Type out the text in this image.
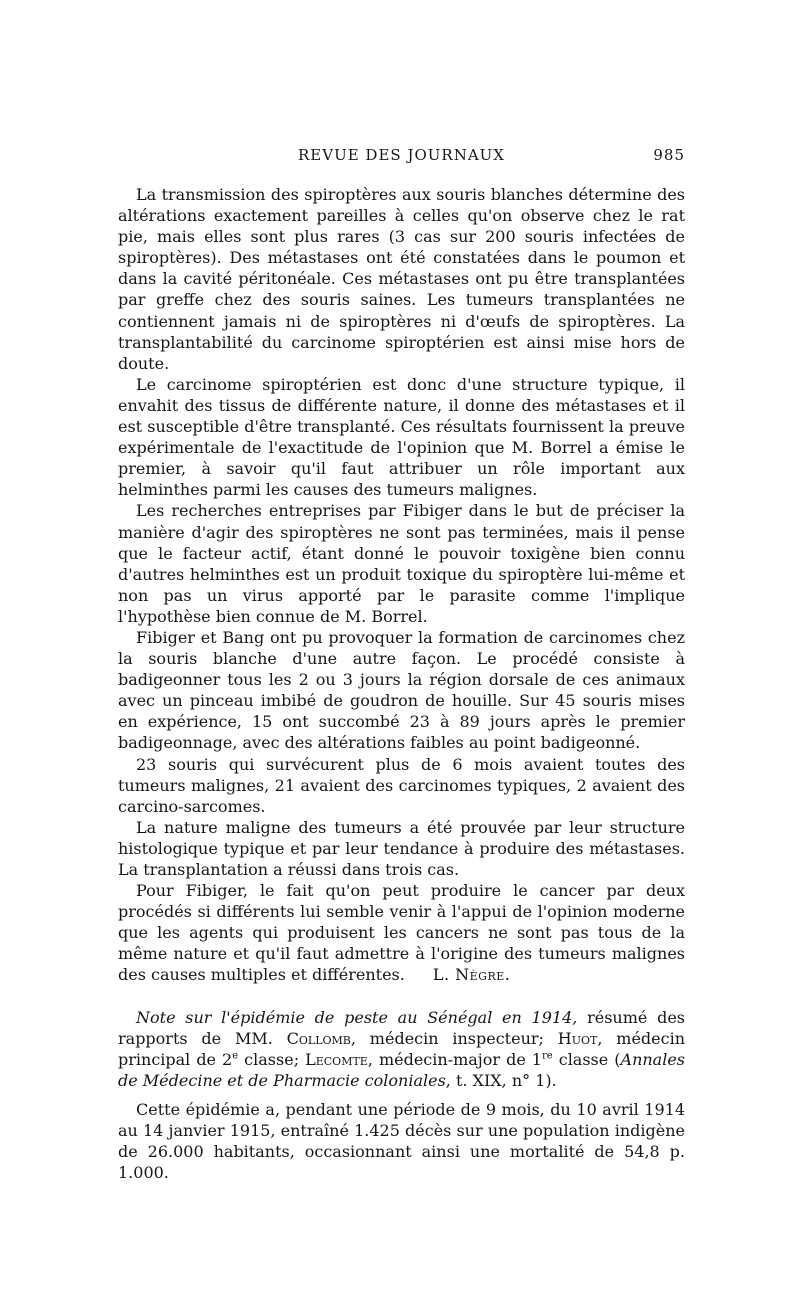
REVUE DES JOURNAUX	985

La transmission des spiroptères aux souris blanches détermine des altérations exactement pareilles à celles qu'on observe chez le rat pie, mais elles sont plus rares (3 cas sur 200 souris infectées de spiroptères). Des métastases ont été constatées dans le poumon et dans la cavité péritonéale. Ces métastases ont pu être transplantées par greffe chez des souris saines. Les tumeurs transplantées ne contiennent jamais ni de spiroptères ni d'œufs de spiroptères. La transplantabilité du carcinome spiroptérien est ainsi mise hors de doute.

Le carcinome spiroptérien est donc d'une structure typique, il envahit des tissus de différente nature, il donne des métastases et il est susceptible d'être transplanté. Ces résultats fournissent la preuve expérimentale de l'exactitude de l'opinion que M. Borrel a émise le premier, à savoir qu'il faut attribuer un rôle important aux helminthes parmi les causes des tumeurs malignes.

Les recherches entreprises par Fibiger dans le but de préciser la manière d'agir des spiroptères ne sont pas terminées, mais il pense que le facteur actif, étant donné le pouvoir toxigène bien connu d'autres helminthes est un produit toxique du spiroptère lui-même et non pas un virus apporté par le parasite comme l'implique l'hypothèse bien connue de M. Borrel.

Fibiger et Bang ont pu provoquer la formation de carcinomes chez la souris blanche d'une autre façon. Le procédé consiste à badigeonner tous les 2 ou 3 jours la région dorsale de ces animaux avec un pinceau imbibé de goudron de houille. Sur 45 souris mises en expérience, 15 ont succombé 23 à 89 jours après le premier badigeonnage, avec des altérations faibles au point badigeonné.

23 souris qui survécurent plus de 6 mois avaient toutes des tumeurs malignes, 21 avaient des carcinomes typiques, 2 avaient des carcino-sarcomes.

La nature maligne des tumeurs a été prouvée par leur structure histologique typique et par leur tendance à produire des métastases. La transplantation a réussi dans trois cas.

Pour Fibiger, le fait qu'on peut produire le cancer par deux procédés si différents lui semble venir à l'appui de l'opinion moderne que les agents qui produisent les cancers ne sont pas tous de la même nature et qu'il faut admettre à l'origine des tumeurs malignes des causes multiples et différentes. L. Nègre.

Note sur l'épidémie de peste au Sénégal en 1914, résumé des rapports de MM. Collomb, médecin inspecteur; Huot, médecin principal de 2e classe; Lecomte, médecin-major de 1re classe (Annales de Médecine et de Pharmacie coloniales, t. XIX, n° 1).

Cette épidémie a, pendant une période de 9 mois, du 10 avril 1914 au 14 janvier 1915, entraîné 1.425 décès sur une population indigène de 26.000 habitants, occasionnant ainsi une mortalité de 54,8 p. 1.000.
